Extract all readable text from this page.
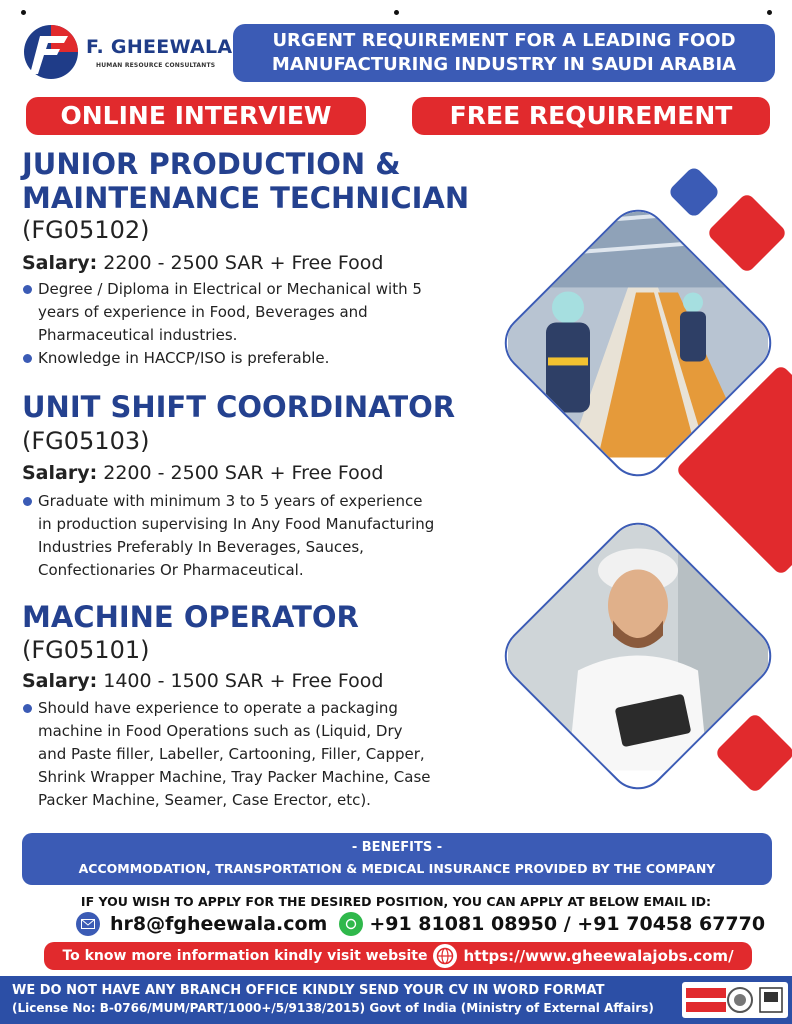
F. GHEEWALA
HUMAN RESOURCE CONSULTANTS
URGENT REQUIREMENT FOR A LEADING FOOD
MANUFACTURING INDUSTRY IN SAUDI ARABIA
ONLINE INTERVIEW	FREE REQUIREMENT
JUNIOR PRODUCTION &
MAINTENANCE TECHNICIAN
(FG05102)
Salary: 2200 - 2500 SAR + Free Food
Degree / Diploma in Electrical or Mechanical with 5
years of experience in Food, Beverages and
Pharmaceutical industries.
Knowledge in HACCP/ISO is preferable.
UNIT SHIFT COORDINATOR
(FG05103)
Salary: 2200 - 2500 SAR + Free Food
Graduate with minimum 3 to 5 years of experience
in production supervising In Any Food Manufacturing
Industries Preferably In Beverages, Sauces,
Confectionaries Or Pharmaceutical.
MACHINE OPERATOR
(FG05101)
Salary: 1400 - 1500 SAR + Free Food
Should have experience to operate a packaging
machine in Food Operations such as (Liquid, Dry
and Paste filler, Labeller, Cartooning, Filler, Capper,
Shrink Wrapper Machine, Tray Packer Machine, Case
Packer Machine, Seamer, Case Erector, etc).
- BENEFITS -
ACCOMMODATION, TRANSPORTATION & MEDICAL INSURANCE PROVIDED BY THE COMPANY
IF YOU WISH TO APPLY FOR THE DESIRED POSITION, YOU CAN APPLY AT BELOW EMAIL ID:
hr8@fgheewala.com +91 81081 08950 / +91 70458 67770
To know more information kindly visit website https://www.gheewalajobs.com/
WE DO NOT HAVE ANY BRANCH OFFICE KINDLY SEND YOUR CV IN WORD FORMAT
(License No: B-0766/MUM/PART/1000+/5/9138/2015) Govt of India (Ministry of External Affairs)
